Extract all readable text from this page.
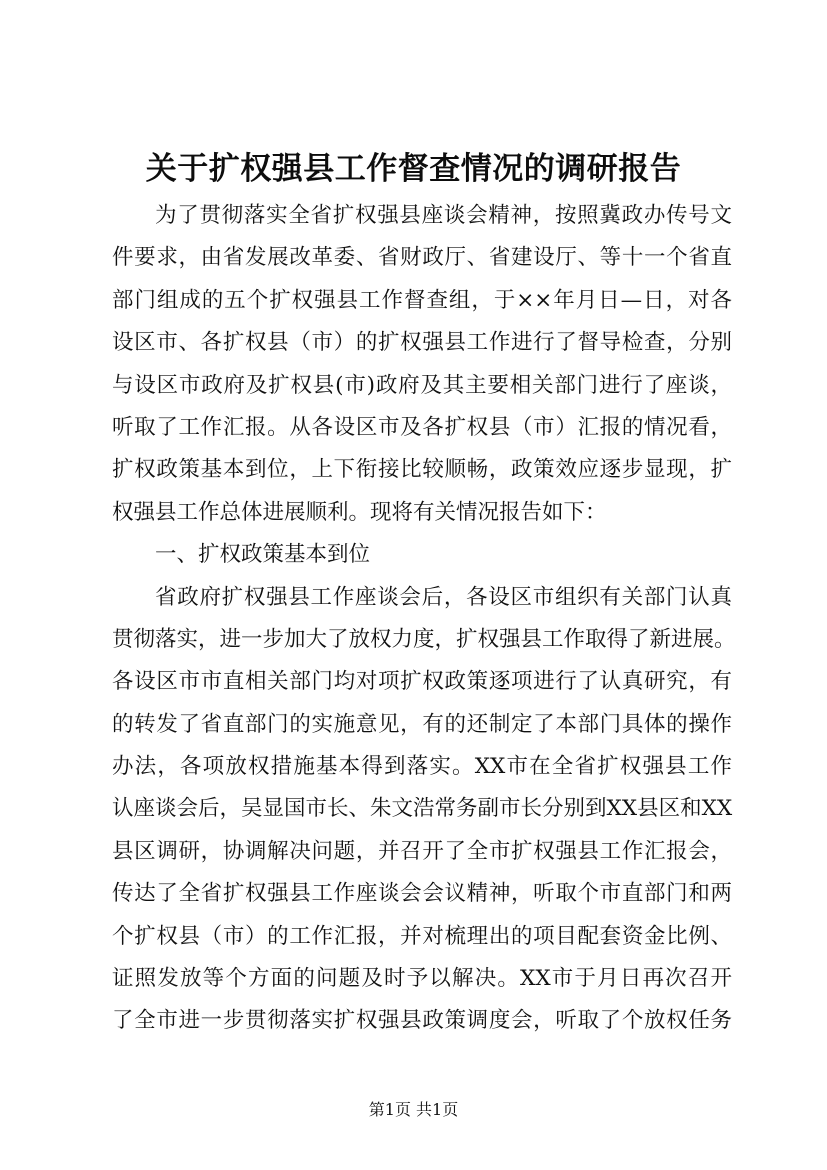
关于扩权强县工作督查情况的调研报告
为了贯彻落实全省扩权强县座谈会精神，按照冀政办传号文
件要求，由省发展改革委、省财政厅、省建设厅、等十一个省直
部门组成的五个扩权强县工作督查组，于××年月日—日，对各
设区市、各扩权县（市）的扩权强县工作进行了督导检查，分别
与设区市政府及扩权县(市)政府及其主要相关部门进行了座谈，
听取了工作汇报。从各设区市及各扩权县（市）汇报的情况看，
扩权政策基本到位，上下衔接比较顺畅，政策效应逐步显现，扩
权强县工作总体进展顺利。现将有关情况报告如下：
一、扩权政策基本到位
省政府扩权强县工作座谈会后，各设区市组织有关部门认真
贯彻落实，进一步加大了放权力度，扩权强县工作取得了新进展。
各设区市市直相关部门均对项扩权政策逐项进行了认真研究，有
的转发了省直部门的实施意见，有的还制定了本部门具体的操作
办法，各项放权措施基本得到落实。XX市在全省扩权强县工作
认座谈会后，吴显国市长、朱文浩常务副市长分别到XX县区和XX
县区调研，协调解决问题，并召开了全市扩权强县工作汇报会，
传达了全省扩权强县工作座谈会会议精神，听取个市直部门和两
个扩权县（市）的工作汇报，并对梳理出的项目配套资金比例、
证照发放等个方面的问题及时予以解决。XX市于月日再次召开
了全市进一步贯彻落实扩权强县政策调度会，听取了个放权任务
第1页 共1页
